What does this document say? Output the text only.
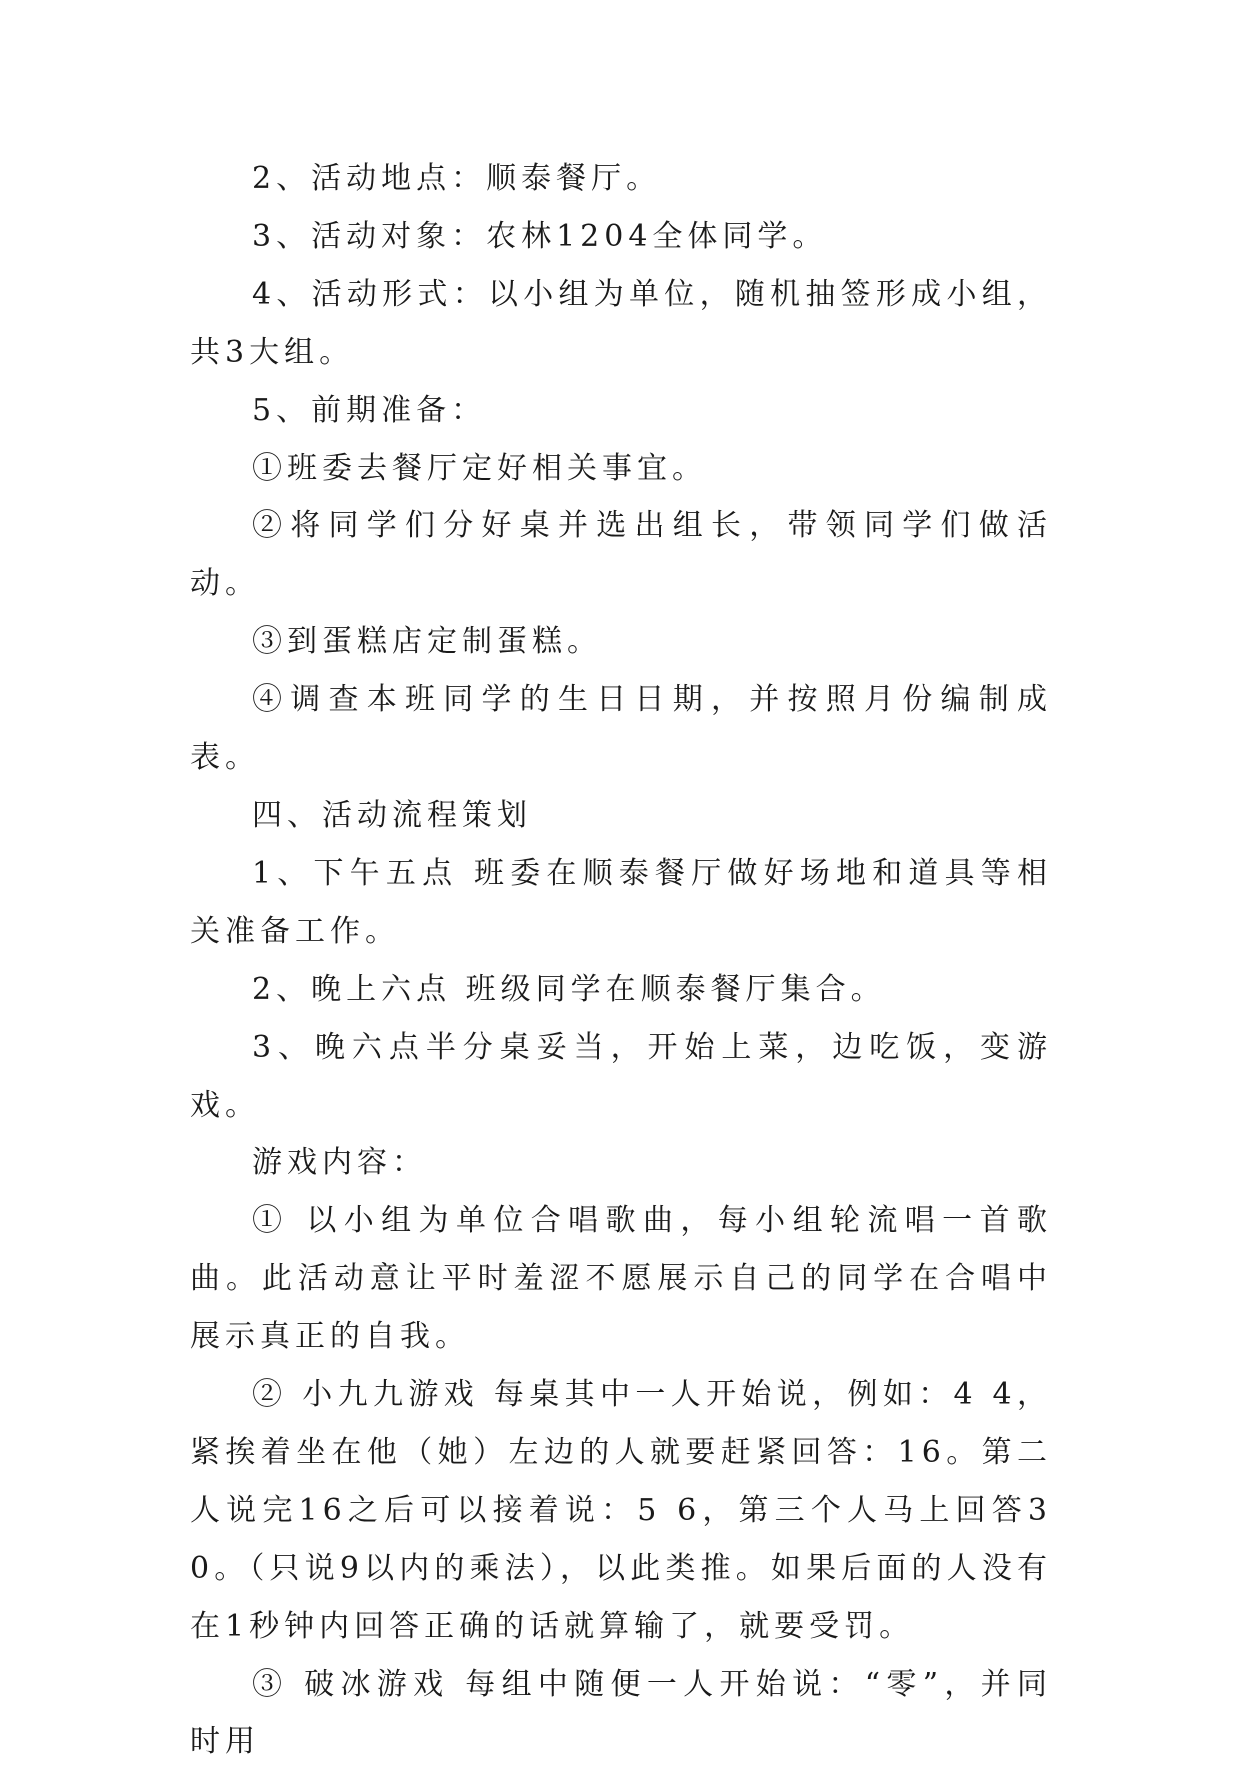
2、活动地点：顺泰餐厅。

3、活动对象：农林1204全体同学。

4、活动形式：以小组为单位，随机抽签形成小组，共3大组。

5、前期准备：

①班委去餐厅定好相关事宜。

②将同学们分好桌并选出组长，带领同学们做活动。

③到蛋糕店定制蛋糕。

④调查本班同学的生日日期，并按照月份编制成表。

四、活动流程策划

1、下午五点 班委在顺泰餐厅做好场地和道具等相关准备工作。

2、晚上六点 班级同学在顺泰餐厅集合。

3、晚六点半分桌妥当，开始上菜，边吃饭，变游戏。

游戏内容：

① 以小组为单位合唱歌曲，每小组轮流唱一首歌曲。此活动意让平时羞涩不愿展示自己的同学在合唱中展示真正的自我。

② 小九九游戏 每桌其中一人开始说，例如：4 4，紧挨着坐在他（她）左边的人就要赶紧回答：16。第二人说完16之后可以接着说：5 6，第三个人马上回答30。（只说9以内的乘法），以此类推。如果后面的人没有在1秒钟内回答正确的话就算输了，就要受罚。

③ 破冰游戏 每组中随便一人开始说：“零”，并同时用
